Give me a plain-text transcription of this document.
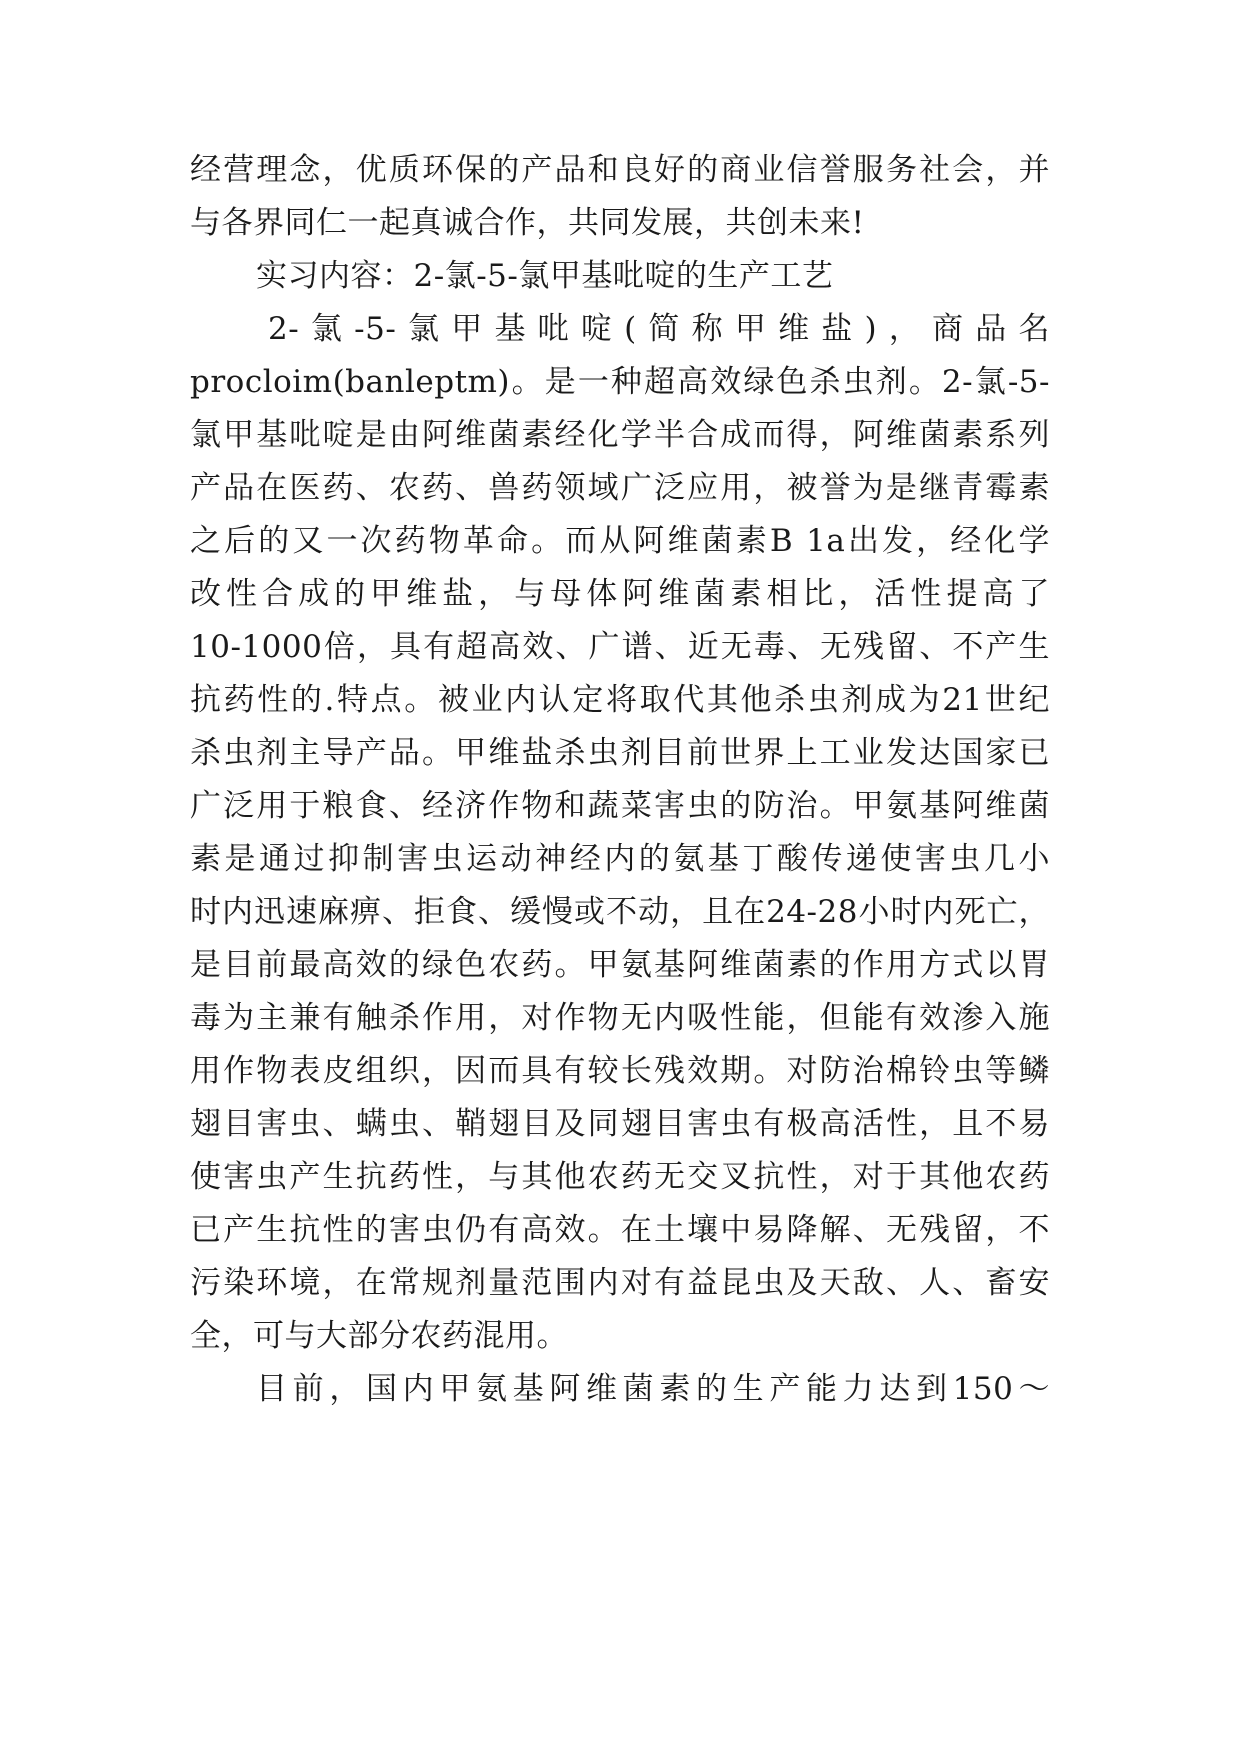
经营理念，优质环保的产品和良好的商业信誉服务社会，并
与各界同仁一起真诚合作，共同发展，共创未来!
实习内容：2-氯-5-氯甲基吡啶的生产工艺
2-氯-5-氯甲基吡啶(简称甲维盐)，商品名
procloim(banleptm)。是一种超高效绿色杀虫剂。2-氯-5-
氯甲基吡啶是由阿维菌素经化学半合成而得，阿维菌素系列
产品在医药、农药、兽药领域广泛应用，被誉为是继青霉素
之后的又一次药物革命。而从阿维菌素B 1a出发，经化学
改性合成的甲维盐，与母体阿维菌素相比，活性提高了
10-1000倍，具有超高效、广谱、近无毒、无残留、不产生
抗药性的.特点。被业内认定将取代其他杀虫剂成为21世纪
杀虫剂主导产品。甲维盐杀虫剂目前世界上工业发达国家已
广泛用于粮食、经济作物和蔬菜害虫的防治。甲氨基阿维菌
素是通过抑制害虫运动神经内的氨基丁酸传递使害虫几小
时内迅速麻痹、拒食、缓慢或不动，且在24-28小时内死亡，
是目前最高效的绿色农药。甲氨基阿维菌素的作用方式以胃
毒为主兼有触杀作用，对作物无内吸性能，但能有效渗入施
用作物表皮组织，因而具有较长残效期。对防治棉铃虫等鳞
翅目害虫、螨虫、鞘翅目及同翅目害虫有极高活性，且不易
使害虫产生抗药性，与其他农药无交叉抗性，对于其他农药
已产生抗性的害虫仍有高效。在土壤中易降解、无残留，不
污染环境，在常规剂量范围内对有益昆虫及天敌、人、畜安
全，可与大部分农药混用。
目前，国内甲氨基阿维菌素的生产能力达到150～
